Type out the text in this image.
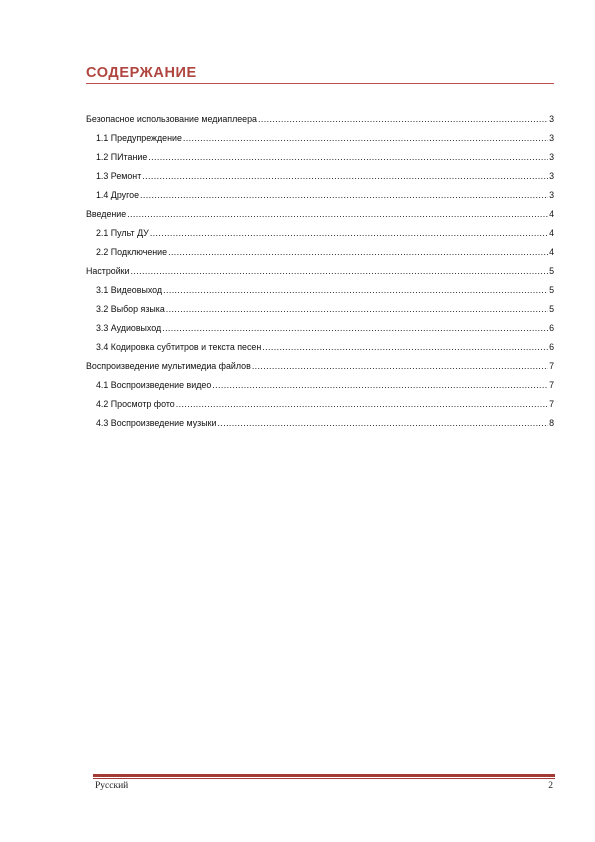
СОДЕРЖАНИЕ
Безопасное использование медиаплеера .....	3
1.1 Предупреждение .....	3
1.2 ПИтание .....	3
1.3 Ремонт .....	3
1.4 Другое .....	3
Введение .....	4
2.1 Пульт ДУ .....	4
2.2 Подключение .....	4
Настройки .....	5
3.1 Видеовыход .....	5
3.2 Выбор языка .....	5
3.3 Аудиовыход .....	6
3.4 Кодировка субтитров и текста песен .....	6
Воспроизведение мультимедиа файлов .....	7
4.1 Воспроизведение видео .....	7
4.2 Просмотр фото .....	7
4.3 Воспроизведение музыки .....	8
Русский	2
